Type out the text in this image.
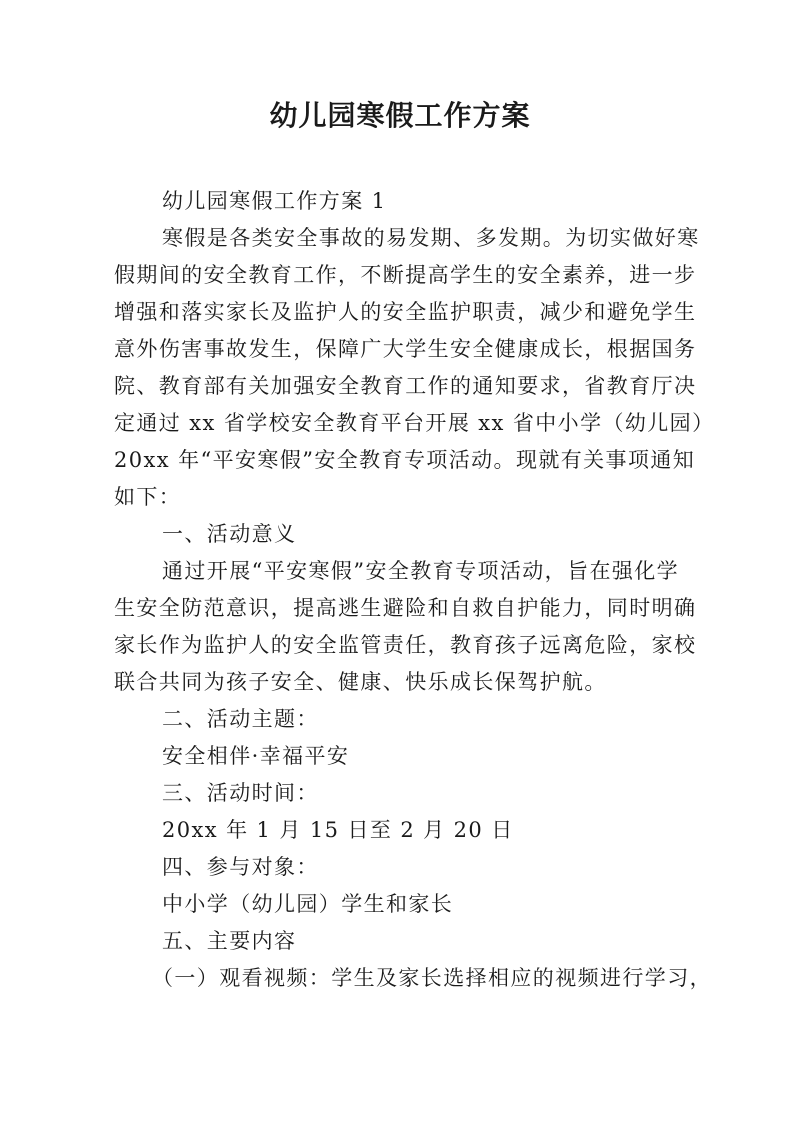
幼儿园寒假工作方案
幼儿园寒假工作方案 1
寒假是各类安全事故的易发期、多发期。为切实做好寒
假期间的安全教育工作，不断提高学生的安全素养，进一步
增强和落实家长及监护人的安全监护职责，减少和避免学生
意外伤害事故发生，保障广大学生安全健康成长，根据国务
院、教育部有关加强安全教育工作的通知要求，省教育厅决
定通过 xx 省学校安全教育平台开展 xx 省中小学（幼儿园）
20xx 年“平安寒假”安全教育专项活动。现就有关事项通知
如下：
一、活动意义
通过开展“平安寒假”安全教育专项活动，旨在强化学
生安全防范意识，提高逃生避险和自救自护能力，同时明确
家长作为监护人的安全监管责任，教育孩子远离危险，家校
联合共同为孩子安全、健康、快乐成长保驾护航。
二、活动主题：
安全相伴·幸福平安
三、活动时间：
20xx 年 1 月 15 日至 2 月 20 日
四、参与对象：
中小学（幼儿园）学生和家长
五、主要内容
（一）观看视频：学生及家长选择相应的视频进行学习，
